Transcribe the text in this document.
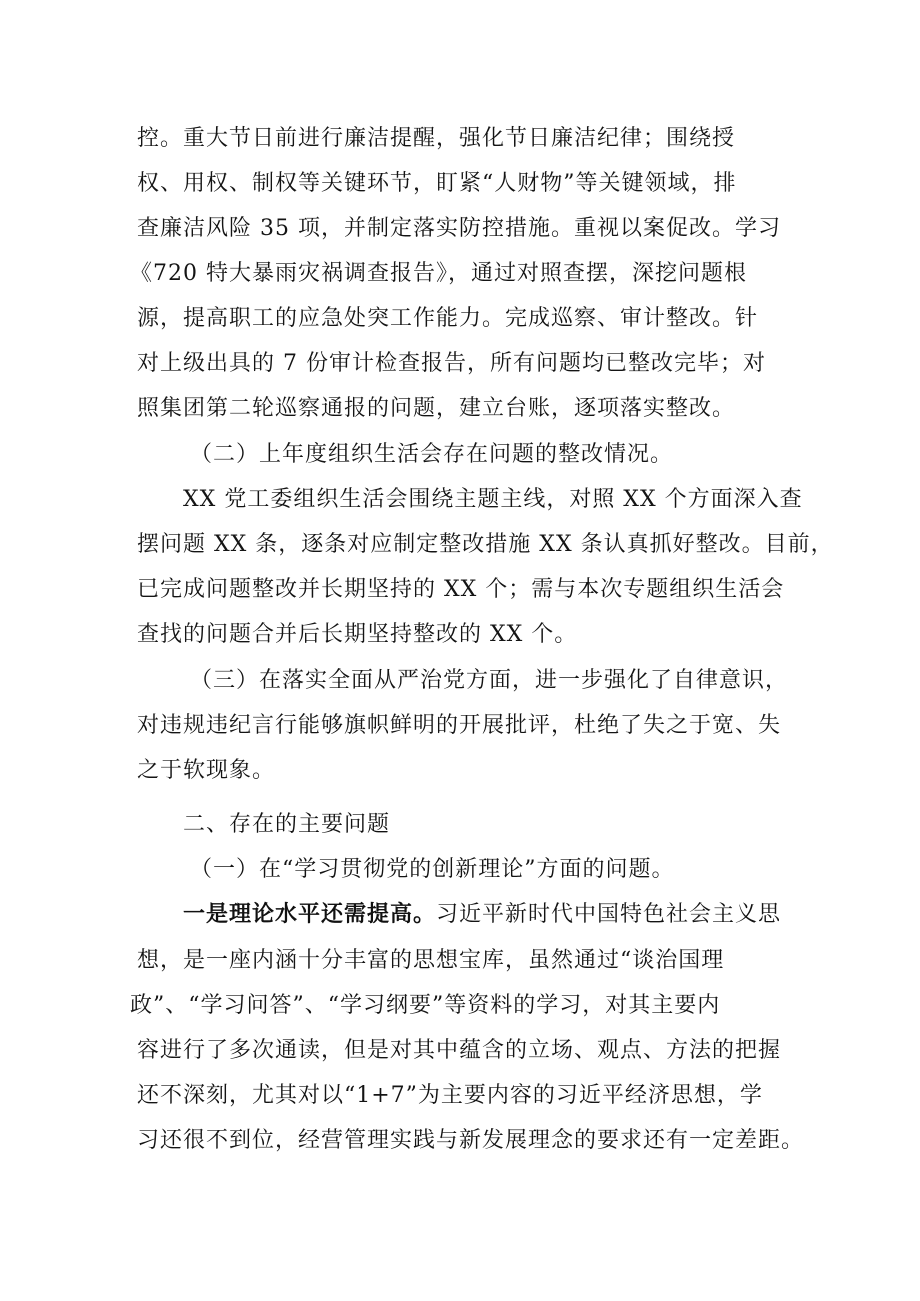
控。重大节日前进行廉洁提醒，强化节日廉洁纪律；围绕授
权、用权、制权等关键环节，盯紧“人财物”等关键领域，排
查廉洁风险 35 项，并制定落实防控措施。重视以案促改。学习
《720 特大暴雨灾祸调查报告》，通过对照查摆，深挖问题根
源，提高职工的应急处突工作能力。完成巡察、审计整改。针
对上级出具的 7 份审计检查报告，所有问题均已整改完毕；对
照集团第二轮巡察通报的问题，建立台账，逐项落实整改。
（二）上年度组织生活会存在问题的整改情况。
XX 党工委组织生活会围绕主题主线，对照 XX 个方面深入查
摆问题 XX 条，逐条对应制定整改措施 XX 条认真抓好整改。目前，
已完成问题整改并长期坚持的 XX 个；需与本次专题组织生活会
查找的问题合并后长期坚持整改的 XX 个。
（三）在落实全面从严治党方面，进一步强化了自律意识，
对违规违纪言行能够旗帜鲜明的开展批评，杜绝了失之于宽、失
之于软现象。
二、存在的主要问题
（一）在“学习贯彻党的创新理论”方面的问题。
一是理论水平还需提高。习近平新时代中国特色社会主义思
想，是一座内涵十分丰富的思想宝库，虽然通过“谈治国理
政”、“学习问答”、“学习纲要”等资料的学习，对其主要内
容进行了多次通读，但是对其中蕴含的立场、观点、方法的把握
还不深刻，尤其对以“1+7”为主要内容的习近平经济思想，学
习还很不到位，经营管理实践与新发展理念的要求还有一定差距。
